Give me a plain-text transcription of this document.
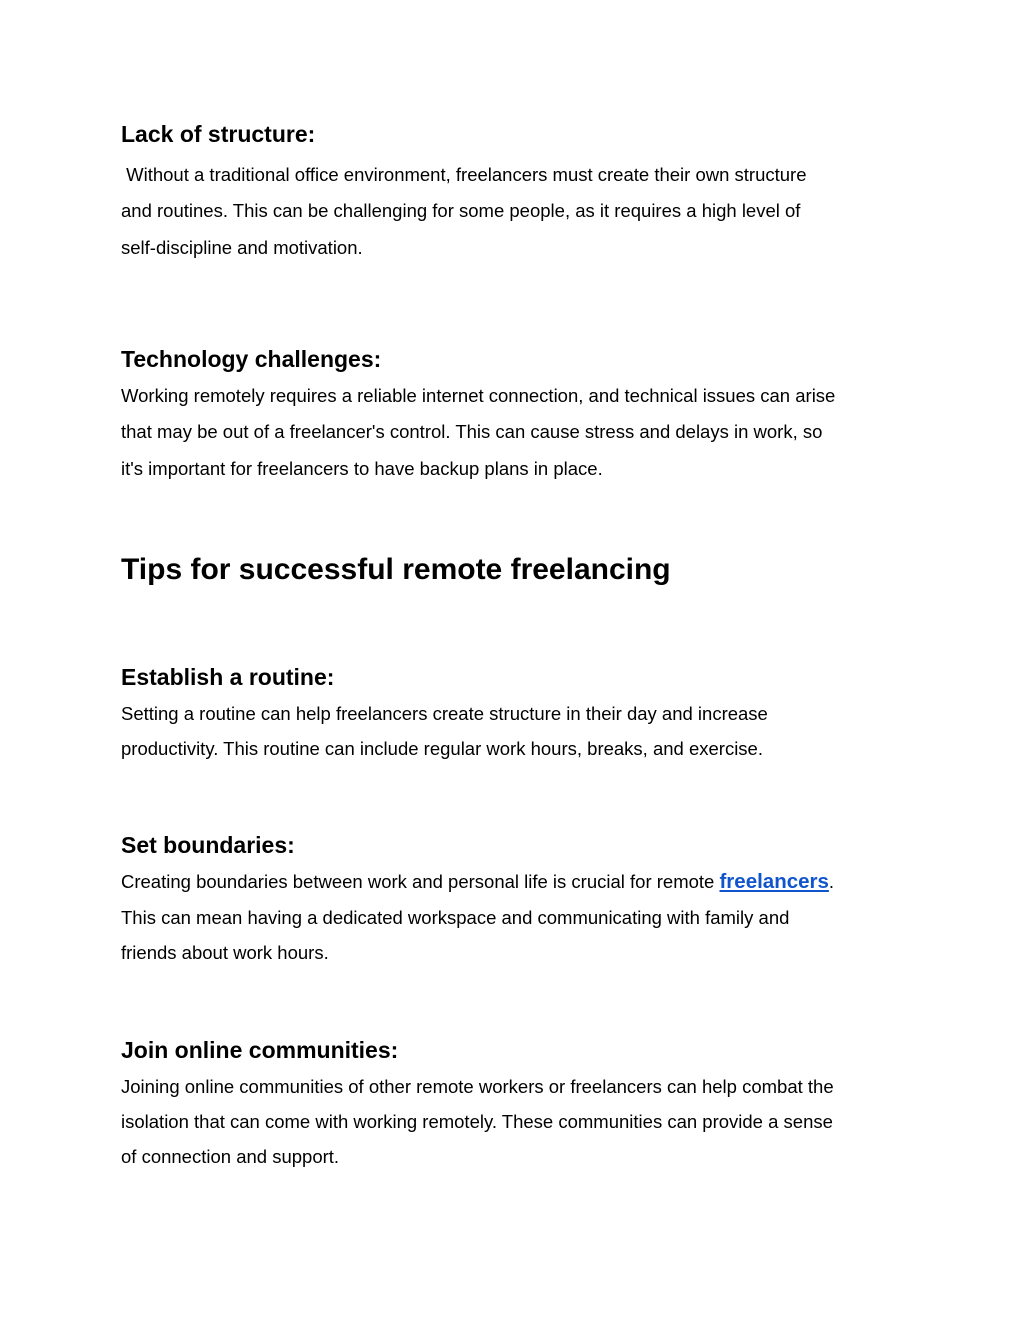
Lack of structure:

Without a traditional office environment, freelancers must create their own structure

and routines. This can be challenging for some people, as it requires a high level of

self-discipline and motivation.

Technology challenges:

Working remotely requires a reliable internet connection, and technical issues can arise

that may be out of a freelancer's control. This can cause stress and delays in work, so

it's important for freelancers to have backup plans in place.

Tips for successful remote freelancing
Establish a routine:

Setting a routine can help freelancers create structure in their day and increase

productivity. This routine can include regular work hours, breaks, and exercise.

Set boundaries:

Creating boundaries between work and personal life is crucial for remote freelancers.

This can mean having a dedicated workspace and communicating with family and

friends about work hours.

Join online communities:

Joining online communities of other remote workers or freelancers can help combat the

isolation that can come with working remotely. These communities can provide a sense

of connection and support.
